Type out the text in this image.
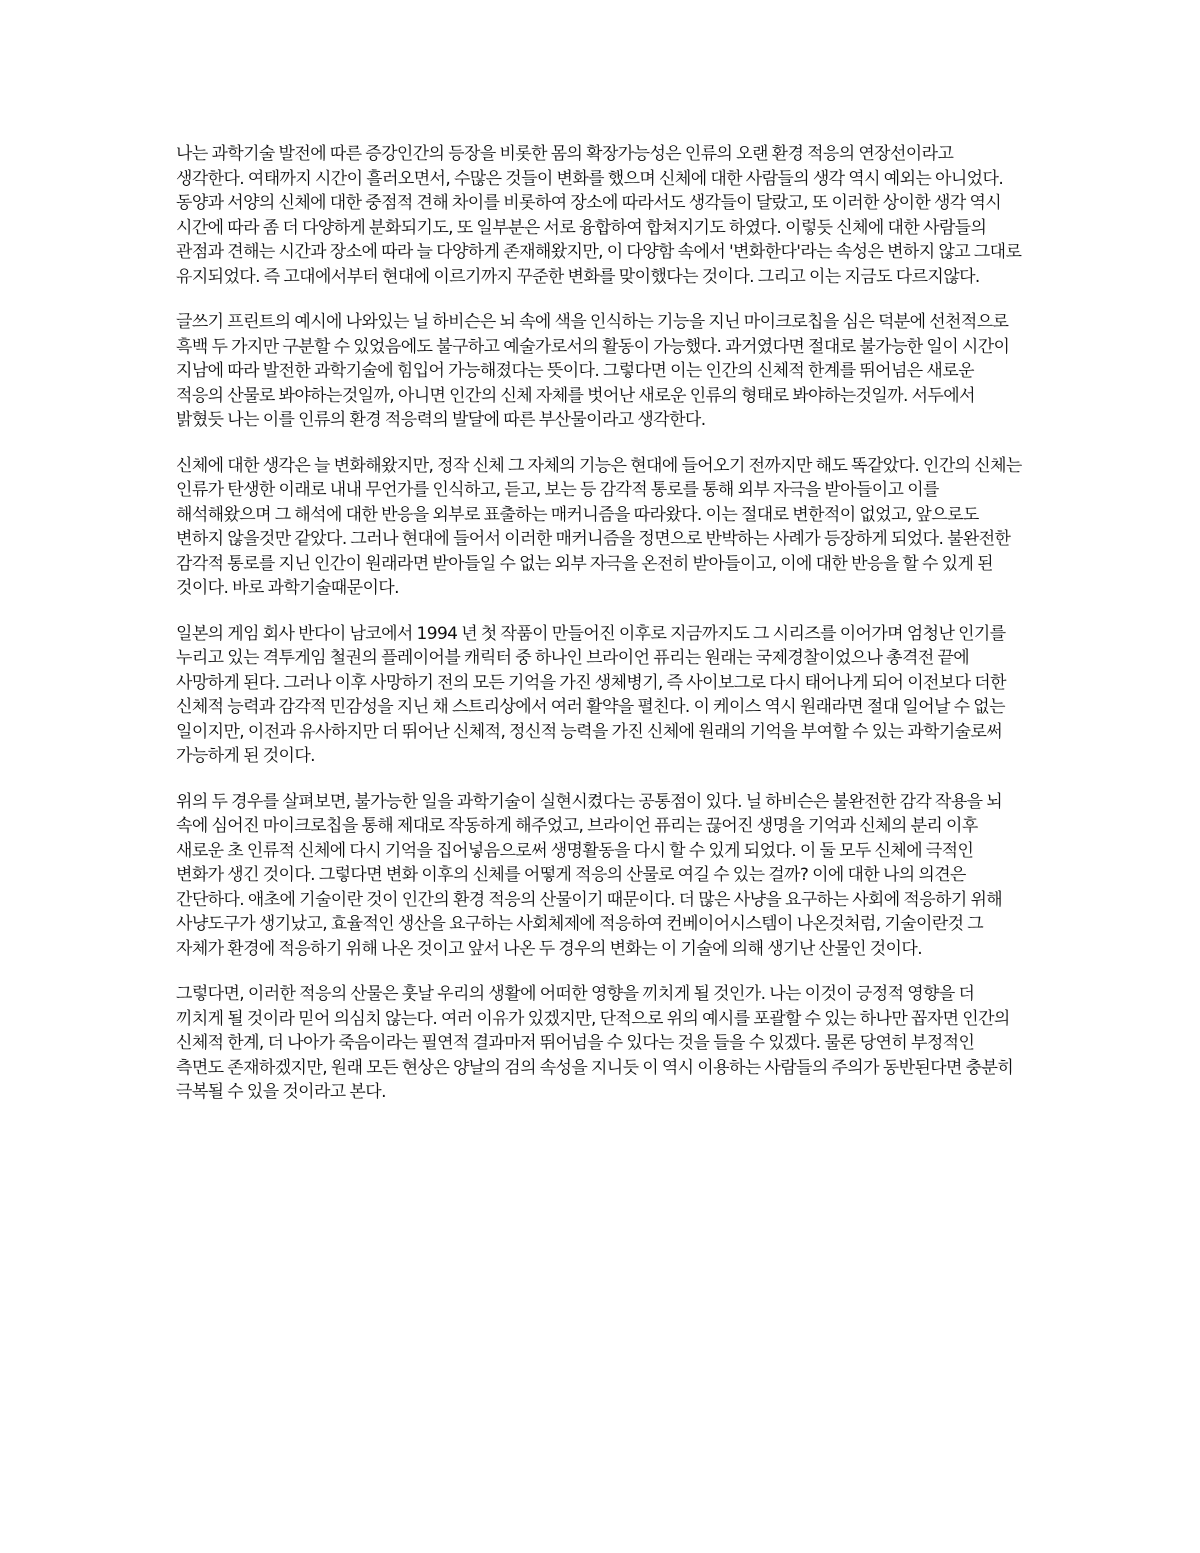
나는 과학기술 발전에 따른 증강인간의 등장을 비롯한 몸의 확장가능성은 인류의 오랜 환경 적응의 연장선이라고 생각한다. 여태까지 시간이 흘러오면서, 수많은 것들이 변화를 했으며 신체에 대한 사람들의 생각 역시 예외는 아니었다. 동양과 서양의 신체에 대한 중점적 견해 차이를 비롯하여 장소에 따라서도 생각들이 달랐고, 또 이러한 상이한 생각 역시 시간에 따라 좀 더 다양하게 분화되기도, 또 일부분은 서로 융합하여 합쳐지기도 하였다. 이렇듯 신체에 대한 사람들의 관점과 견해는 시간과 장소에 따라 늘 다양하게 존재해왔지만, 이 다양함 속에서 '변화한다'라는 속성은 변하지 않고 그대로 유지되었다. 즉 고대에서부터 현대에 이르기까지 꾸준한 변화를 맞이했다는 것이다. 그리고 이는 지금도 다르지않다.

글쓰기 프린트의 예시에 나와있는 닐 하비슨은 뇌 속에 색을 인식하는 기능을 지닌 마이크로칩을 심은 덕분에 선천적으로 흑백 두 가지만 구분할 수 있었음에도 불구하고 예술가로서의 활동이 가능했다. 과거였다면 절대로 불가능한 일이 시간이 지남에 따라 발전한 과학기술에 힘입어 가능해졌다는 뜻이다. 그렇다면 이는 인간의 신체적 한계를 뛰어넘은 새로운 적응의 산물로 봐야하는것일까, 아니면 인간의 신체 자체를 벗어난 새로운 인류의 형태로 봐야하는것일까. 서두에서 밝혔듯 나는 이를 인류의 환경 적응력의 발달에 따른 부산물이라고 생각한다.

신체에 대한 생각은 늘 변화해왔지만, 정작 신체 그 자체의 기능은 현대에 들어오기 전까지만 해도 똑같았다. 인간의 신체는 인류가 탄생한 이래로 내내 무언가를 인식하고, 듣고, 보는 등 감각적 통로를 통해 외부 자극을 받아들이고 이를 해석해왔으며 그 해석에 대한 반응을 외부로 표출하는 매커니즘을 따라왔다. 이는 절대로 변한적이 없었고, 앞으로도 변하지 않을것만 같았다. 그러나 현대에 들어서 이러한 매커니즘을 정면으로 반박하는 사례가 등장하게 되었다. 불완전한 감각적 통로를 지닌 인간이 원래라면 받아들일 수 없는 외부 자극을 온전히 받아들이고, 이에 대한 반응을 할 수 있게 된 것이다. 바로 과학기술때문이다.

일본의 게임 회사 반다이 남코에서 1994 년 첫 작품이 만들어진 이후로 지금까지도 그 시리즈를 이어가며 엄청난 인기를 누리고 있는 격투게임 철권의 플레이어블 캐릭터 중 하나인 브라이언 퓨리는 원래는 국제경찰이었으나 총격전 끝에 사망하게 된다. 그러나 이후 사망하기 전의 모든 기억을 가진 생체병기, 즉 사이보그로 다시 태어나게 되어 이전보다 더한 신체적 능력과 감각적 민감성을 지닌 채 스트리상에서 여러 활약을 펼친다. 이 케이스 역시 원래라면 절대 일어날 수 없는 일이지만, 이전과 유사하지만 더 뛰어난 신체적, 정신적 능력을 가진 신체에 원래의 기억을 부여할 수 있는 과학기술로써 가능하게 된 것이다.

위의 두 경우를 살펴보면, 불가능한 일을 과학기술이 실현시켰다는 공통점이 있다. 닐 하비슨은 불완전한 감각 작용을 뇌 속에 심어진 마이크로칩을 통해 제대로 작동하게 해주었고, 브라이언 퓨리는 끊어진 생명을 기억과 신체의 분리 이후 새로운 초 인류적 신체에 다시 기억을 집어넣음으로써 생명활동을 다시 할 수 있게 되었다. 이 둘 모두 신체에 극적인 변화가 생긴 것이다. 그렇다면 변화 이후의 신체를 어떻게 적응의 산물로 여길 수 있는 걸까? 이에 대한 나의 의견은 간단하다. 애초에 기술이란 것이 인간의 환경 적응의 산물이기 때문이다. 더 많은 사냥을 요구하는 사회에 적응하기 위해 사냥도구가 생기났고, 효율적인 생산을 요구하는 사회체제에 적응하여 컨베이어시스템이 나온것처럼, 기술이란것 그 자체가 환경에 적응하기 위해 나온 것이고 앞서 나온 두 경우의 변화는 이 기술에 의해 생기난 산물인 것이다.

그렇다면, 이러한 적응의 산물은 훗날 우리의 생활에 어떠한 영향을 끼치게 될 것인가. 나는 이것이 긍정적 영향을 더 끼치게 될 것이라 믿어 의심치 않는다. 여러 이유가 있겠지만, 단적으로 위의 예시를 포괄할 수 있는 하나만 꼽자면 인간의 신체적 한계, 더 나아가 죽음이라는 필연적 결과마저 뛰어넘을 수 있다는 것을 들을 수 있겠다. 물론 당연히 부정적인 측면도 존재하겠지만, 원래 모든 현상은 양날의 검의 속성을 지니듯 이 역시 이용하는 사람들의 주의가 동반된다면 충분히 극복될 수 있을 것이라고 본다.
